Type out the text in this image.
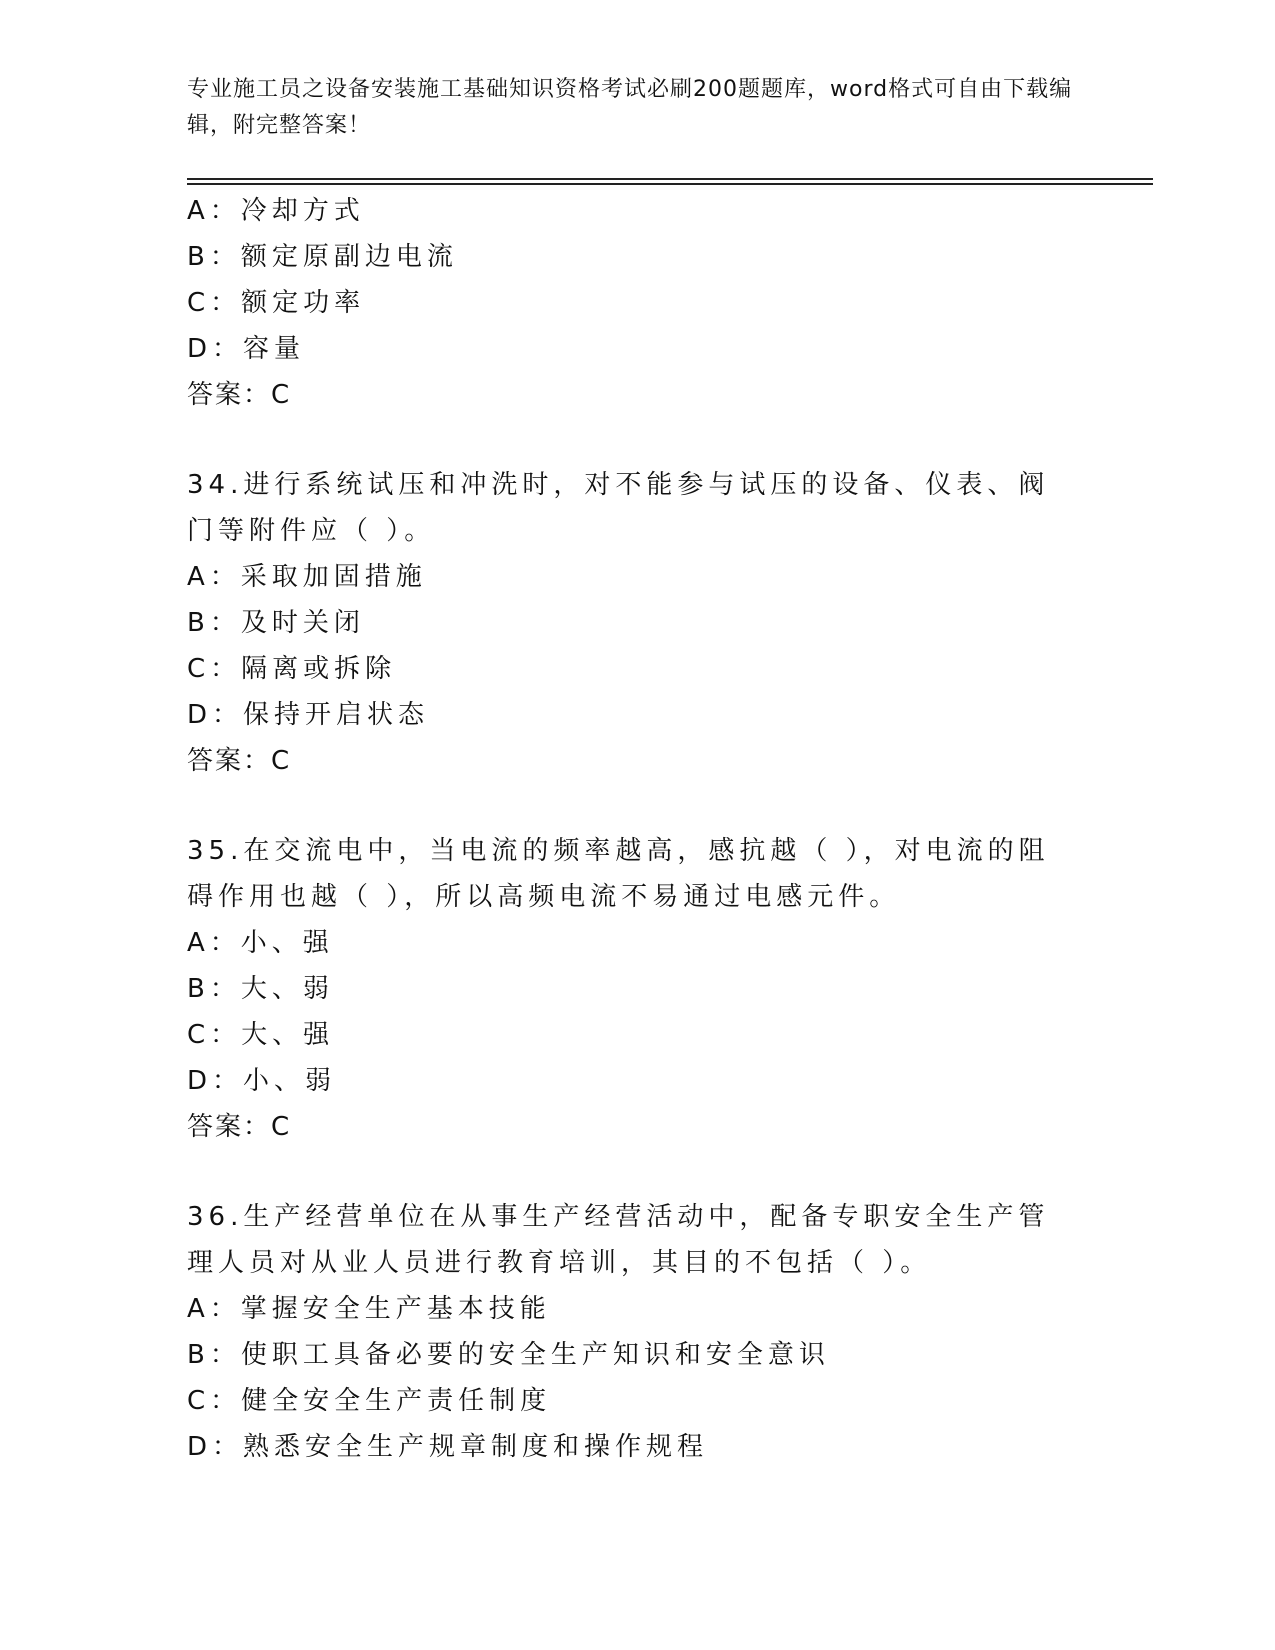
专业施工员之设备安装施工基础知识资格考试必刷200题题库，word格式可自由下载编辑，附完整答案！
A：冷却方式
B：额定原副边电流
C：额定功率
D：容量
答案：C
34.进行系统试压和冲洗时，对不能参与试压的设备、仪表、阀门等附件应（ ）。
A：采取加固措施
B：及时关闭
C：隔离或拆除
D：保持开启状态
答案：C
35.在交流电中，当电流的频率越高，感抗越（ ），对电流的阻碍作用也越（ ），所以高频电流不易通过电感元件。
A：小、强
B：大、弱
C：大、强
D：小、弱
答案：C
36.生产经营单位在从事生产经营活动中，配备专职安全生产管理人员对从业人员进行教育培训，其目的不包括（ ）。
A：掌握安全生产基本技能
B：使职工具备必要的安全生产知识和安全意识
C：健全安全生产责任制度
D：熟悉安全生产规章制度和操作规程
